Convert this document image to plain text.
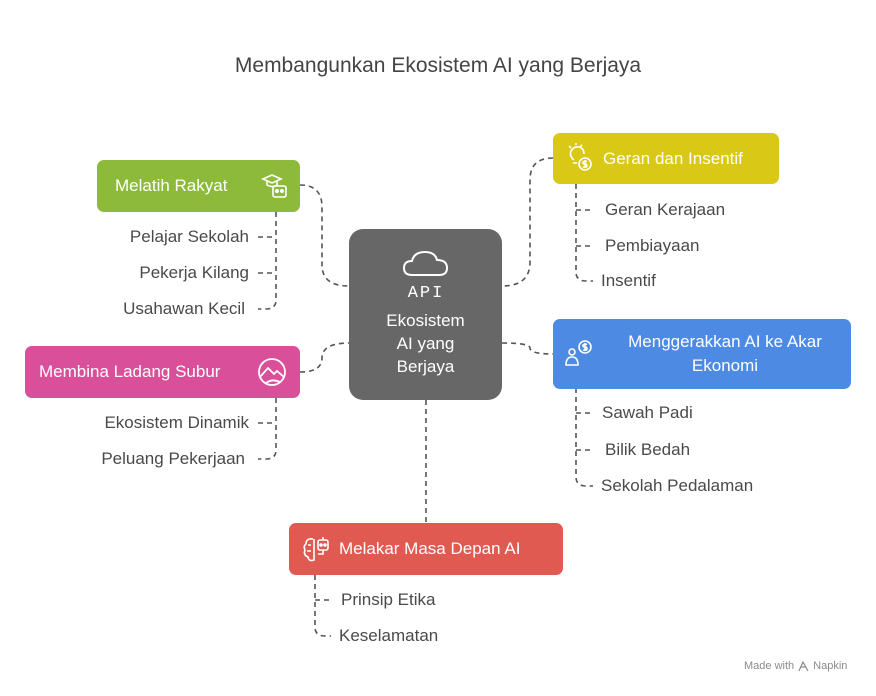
Membangunkan Ekosistem AI yang Berjaya
API
Ekosistem
AI yang
Berjaya
Melatih Rakyat
Pelajar Sekolah
Pekerja Kilang
Usahawan Kecil
Geran dan Insentif
Geran Kerajaan
Pembiayaan
Insentif
Membina Ladang Subur
Ekosistem Dinamik
Peluang Pekerjaan
Menggerakkan AI ke Akar
Ekonomi
Sawah Padi
Bilik Bedah
Sekolah Pedalaman
Melakar Masa Depan AI
Prinsip Etika
Keselamatan
Made with Napkin
